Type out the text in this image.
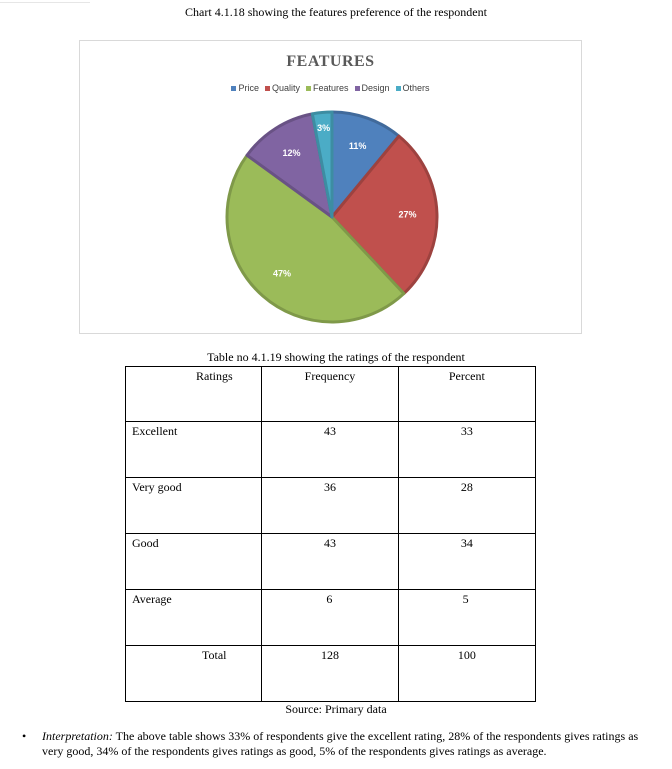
Chart 4.1.18 showing the features preference of the respondent
FEATURES
Price Quality Features Design Others
11%
27%
47%
12%
3%
Table no 4.1.19 showing the ratings of the respondent
Ratings	Frequency	Percent

Excellent	43	33

Very good	36	28

Good	43	34

Average	6	5

Total	128	100
Source: Primary data
• Interpretation: The above table shows 33% of respondents give the excellent rating, 28% of the respondents gives ratings as very good, 34% of the respondents gives ratings as good, 5% of the respondents gives ratings as average.
